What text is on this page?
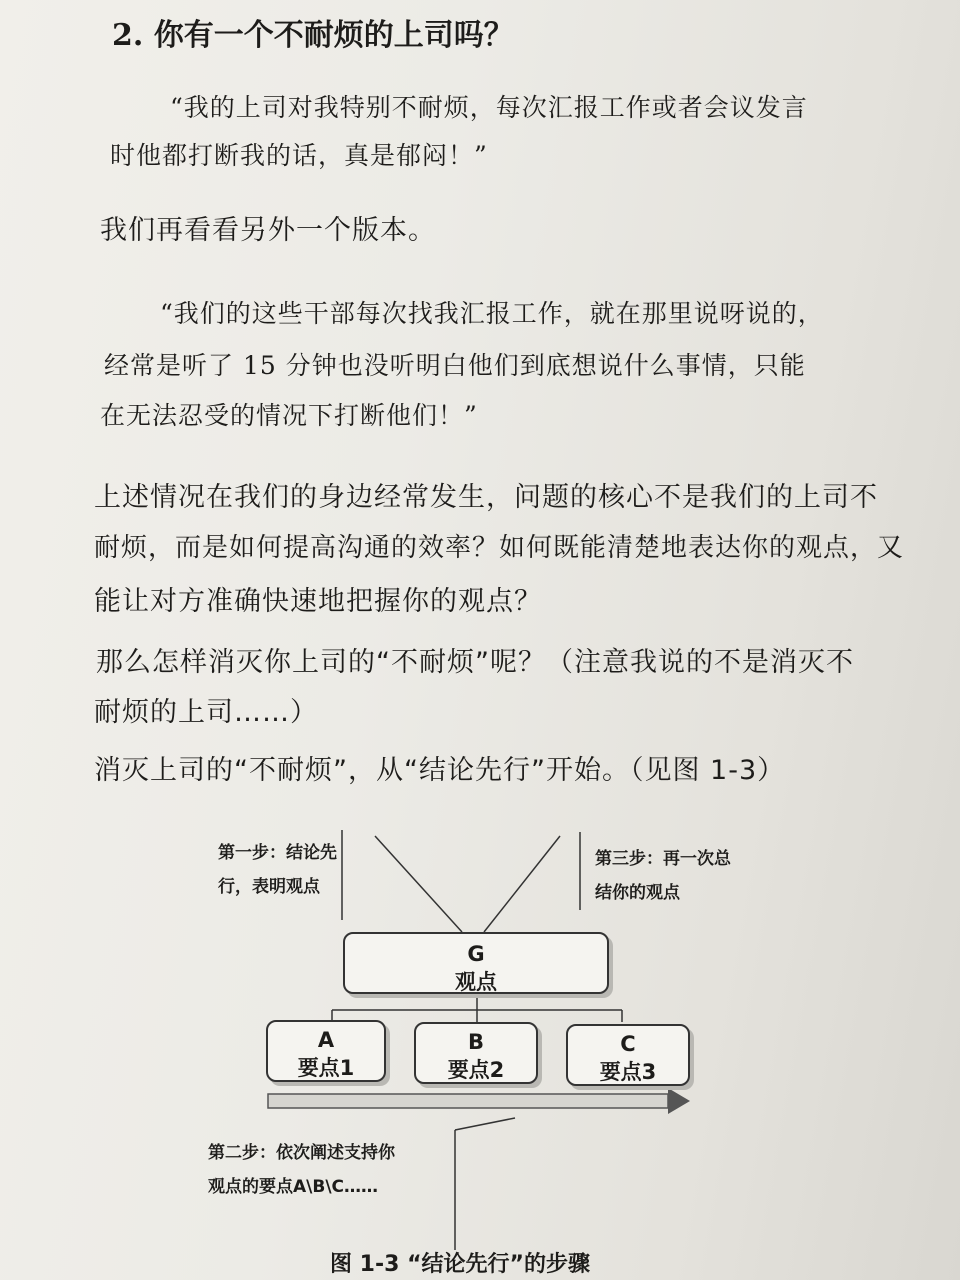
2. 你有一个不耐烦的上司吗？
“我的上司对我特别不耐烦，每次汇报工作或者会议发言
时他都打断我的话，真是郁闷！”
我们再看看另外一个版本。
“我们的这些干部每次找我汇报工作，就在那里说呀说的，
经常是听了 15 分钟也没听明白他们到底想说什么事情，只能
在无法忍受的情况下打断他们！”
上述情况在我们的身边经常发生，问题的核心不是我们的上司不
耐烦，而是如何提高沟通的效率？如何既能清楚地表达你的观点，又
能让对方准确快速地把握你的观点？
那么怎样消灭你上司的“不耐烦”呢？（注意我说的不是消灭不
耐烦的上司……）
消灭上司的“不耐烦”，从“结论先行”开始。（见图 1-3）
第一步：结论先
行，表明观点
第三步：再一次总
结你的观点
G
观点
A
要点1
B
要点2
C
要点3
第二步：依次阐述支持你
观点的要点A\B\C……
图 1-3 “结论先行”的步骤
